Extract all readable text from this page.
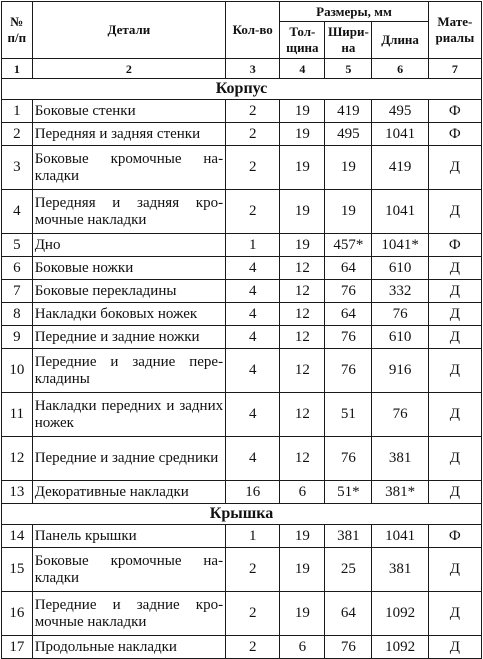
№ п/п	Детали	Кол-во	Размеры, мм			Мате-риалы
			Тол-щина	Шири-на	Длина	
1	2	3	4	5	6	7
Корпус						
1	Боковые стенки	2	19	419	495	Ф
2	Передняя и задняя стенки	2	19	495	1041	Ф
3	Боковые кромочные накладки	2	19	19	419	Д
4	Передняя и задняя кромочные накладки	2	19	19	1041	Д
5	Дно	1	19	457*	1041*	Ф
6	Боковые ножки	4	12	64	610	Д
7	Боковые перекладины	4	12	76	332	Д
8	Накладки боковых ножек	4	12	64	76	Д
9	Передние и задние ножки	4	12	76	610	Д
10	Передние и задние перекладины	4	12	76	916	Д
11	Накладки передних и задних ножек	4	12	51	76	Д
12	Передние и задние средники	4	12	76	381	Д
13	Декоративные накладки	16	6	51*	381*	Д
Крышка						
14	Панель крышки	1	19	381	1041	Ф
15	Боковые кромочные накладки	2	19	25	381	Д
16	Передние и задние кромочные накладки	2	19	64	1092	Д
17	Продольные накладки	2	6	76	1092	Д
